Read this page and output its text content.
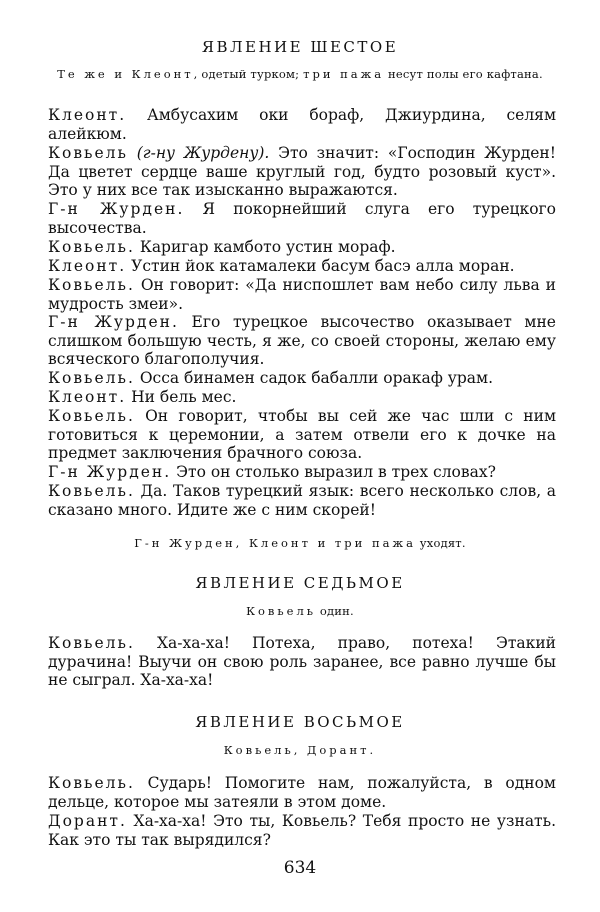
ЯВЛЕНИЕ ШЕСТОЕ
Те же и Клеонт, одетый турком; три пажа несут полы его кафтана.
Клеонт. Амбусахим оки бораф, Джиурдина, селям алейкюм.
Ковьель (г-ну Журдену). Это значит: «Господин Журден! Да цветет сердце ваше круглый год, будто розовый куст». Это у них все так изысканно выражаются.
Г-н Журден. Я покорнейший слуга его турецкого высочества.
Ковьель. Каригар камбото устин мораф.
Клеонт. Устин йок катамалеки басум басэ алла моран.
Ковьель. Он говорит: «Да ниспошлет вам небо силу льва и мудрость змеи».
Г-н Журден. Его турецкое высочество оказывает мне слишком большую честь, я же, со своей стороны, желаю ему всяческого благополучия.
Ковьель. Осса бинамен садок бабалли оракаф урам.
Клеонт. Ни бель мес.
Ковьель. Он говорит, чтобы вы сей же час шли с ним готовиться к церемонии, а затем отвели его к дочке на предмет заключения брачного союза.
Г-н Журден. Это он столько выразил в трех словах?
Ковьель. Да. Таков турецкий язык: всего несколько слов, а сказано много. Идите же с ним скорей!
Г-н Журден, Клеонт и три пажа уходят.
ЯВЛЕНИЕ СЕДЬМОЕ
Ковьель один.
Ковьель. Ха-ха-ха! Потеха, право, потеха! Этакий дурачина! Выучи он свою роль заранее, все равно лучше бы не сыграл. Ха-ха-ха!
ЯВЛЕНИЕ ВОСЬМОЕ
Ковьель, Дорант.
Ковьель. Сударь! Помогите нам, пожалуйста, в одном дельце, которое мы затеяли в этом доме.
Дорант. Ха-ха-ха! Это ты, Ковьель? Тебя просто не узнать. Как это ты так вырядился?
634
